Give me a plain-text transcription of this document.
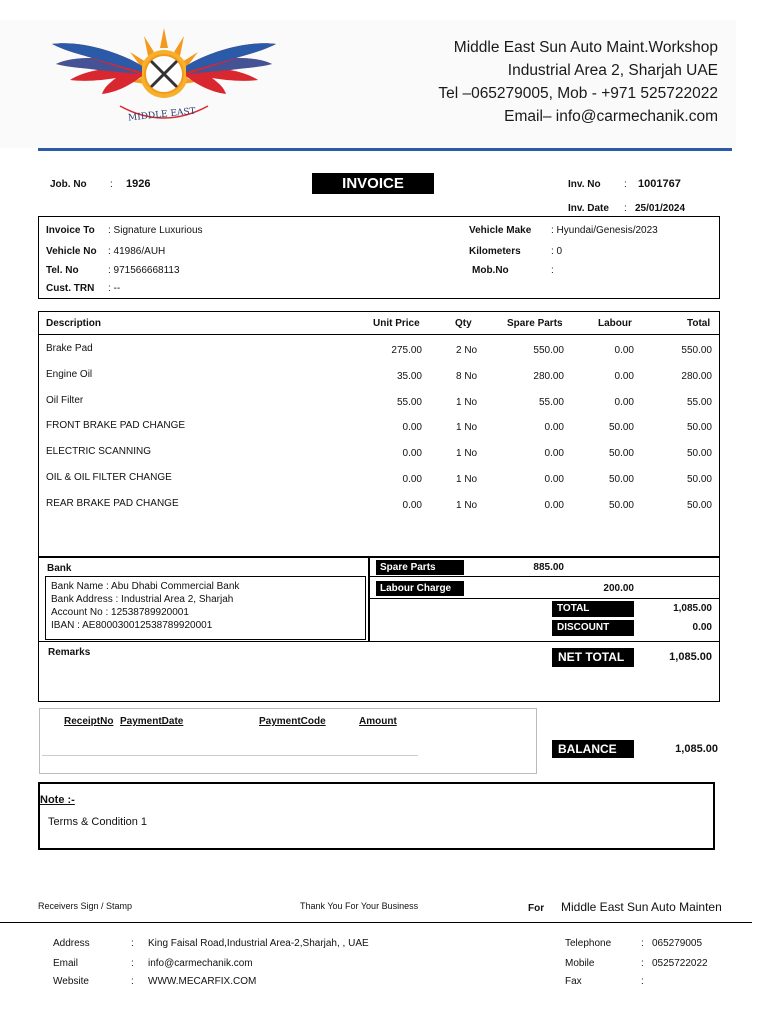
MIDDLE EAST
Middle East Sun Auto Maint.Workshop
Industrial Area 2, Sharjah UAE
Tel –065279005, Mob - +971 525722022
Email– info@carmechanik.com
Job. No : 1926	INVOICE	Inv. No : 1001767
Inv. Date : 25/01/2024
Invoice To : Signature Luxurious
Vehicle No : 41986/AUH
Tel. No	: 971566668113
Cust. TRN : --
Vehicle Make : Hyundai/Genesis/2023
Kilometers	: 0
Mob.No	:
Description	Unit Price	Qty	Spare Parts	Labour	Total
Brake Pad	275.00	2 No	550.00	0.00	550.00
Engine Oil	35.00	8 No	280.00	0.00	280.00
Oil Filter	55.00	1 No	55.00	0.00	55.00
FRONT BRAKE PAD CHANGE	0.00	1 No	0.00	50.00	50.00
ELECTRIC SCANNING	0.00	1 No	0.00	50.00	50.00
OIL & OIL FILTER CHANGE	0.00	1 No	0.00	50.00	50.00
REAR BRAKE PAD CHANGE	0.00	1 No	0.00	50.00	50.00
Bank
Bank Name : Abu Dhabi Commercial Bank
Bank Address : Industrial Area 2, Sharjah
Account No : 12538789920001
IBAN : AE800030012538789920001
Spare Parts	885.00
Labour Charge	200.00
TOTAL	1,085.00
DISCOUNT	0.00
Remarks	NET TOTAL	1,085.00
ReceiptNo PaymentDate	PaymentCode	Amount
BALANCE	1,085.00
Note :-
Terms & Condition 1
Receivers Sign / Stamp	Thank You For Your Business	For Middle East Sun Auto Mainten
Address	: King Faisal Road,Industrial Area-2,Sharjah, , UAE
Email	: info@carmechanik.com
Website	: WWW.MECARFIX.COM
Telephone	: 065279005
Mobile	: 0525722022
Fax	:
